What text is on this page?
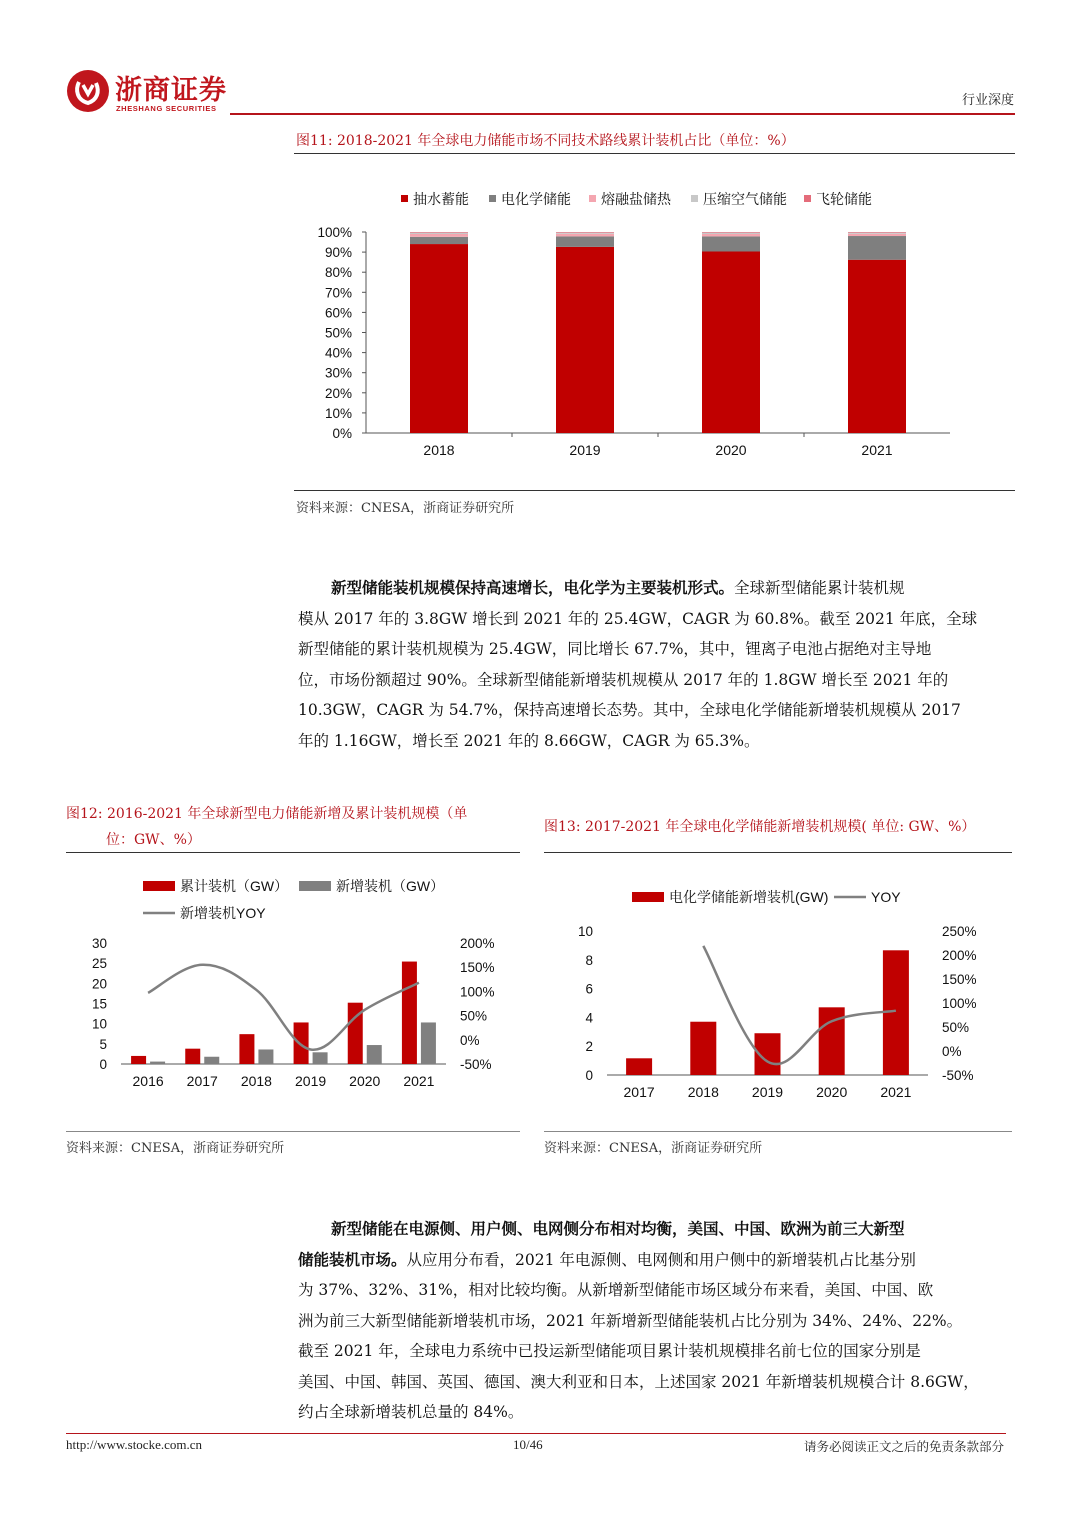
浙商证券
ZHESHANG SECURITIES
行业深度
图11: 2018-2021 年全球电力储能市场不同技术路线累计装机占比（单位：%）
抽水蓄能 电化学储能 熔融盐储热 压缩空气储能 飞轮储能
0%
10%
20%
30%
40%
50%
60%
70%
80%
90%
100%
2018	2019	2020	2021
资料来源：CNESA，浙商证券研究所
新型储能装机规模保持高速增长，电化学为主要装机形式。全球新型储能累计装机规
模从 2017 年的 3.8GW 增长到 2021 年的 25.4GW，CAGR 为 60.8%。截至 2021 年底，全球
新型储能的累计装机规模为 25.4GW，同比增长 67.7%，其中，锂离子电池占据绝对主导地
位，市场份额超过 90%。全球新型储能新增装机规模从 2017 年的 1.8GW 增长至 2021 年的
10.3GW，CAGR 为 54.7%，保持高速增长态势。其中，全球电化学储能新增装机规模从 2017
年的 1.16GW，增长至 2021 年的 8.66GW，CAGR 为 65.3%。
图12: 2016-2021 年全球新型电力储能新增及累计装机规模（单
位：GW、%）
累计装机（GW）	新增装机（GW）
新增装机YOY
0
5
10
15
20
25
30
-50%
0%
50%
100%
150%
200%
2016 2017 2018 2019 2020 2021
资料来源：CNESA，浙商证券研究所
图13: 2017-2021 年全球电化学储能新增装机规模( 单位: GW、%）
电化学储能新增装机(GW)	YOY
0
2
4
6
8
10
-50%
0%
50%
100%
150%
200%
250%
2017 2018 2019 2020 2021
资料来源：CNESA，浙商证券研究所
新型储能在电源侧、用户侧、电网侧分布相对均衡，美国、中国、欧洲为前三大新型
储能装机市场。从应用分布看，2021 年电源侧、电网侧和用户侧中的新增装机占比基分别
为 37%、32%、31%，相对比较均衡。从新增新型储能市场区域分布来看，美国、中国、欧
洲为前三大新型储能新增装机市场，2021 年新增新型储能装机占比分别为 34%、24%、22%。
截至 2021 年，全球电力系统中已投运新型储能项目累计装机规模排名前七位的国家分别是
美国、中国、韩国、英国、德国、澳大利亚和日本，上述国家 2021 年新增装机规模合计 8.6GW，
约占全球新增装机总量的 84%。
http://www.stocke.com.cn	10/46	请务必阅读正文之后的免责条款部分
